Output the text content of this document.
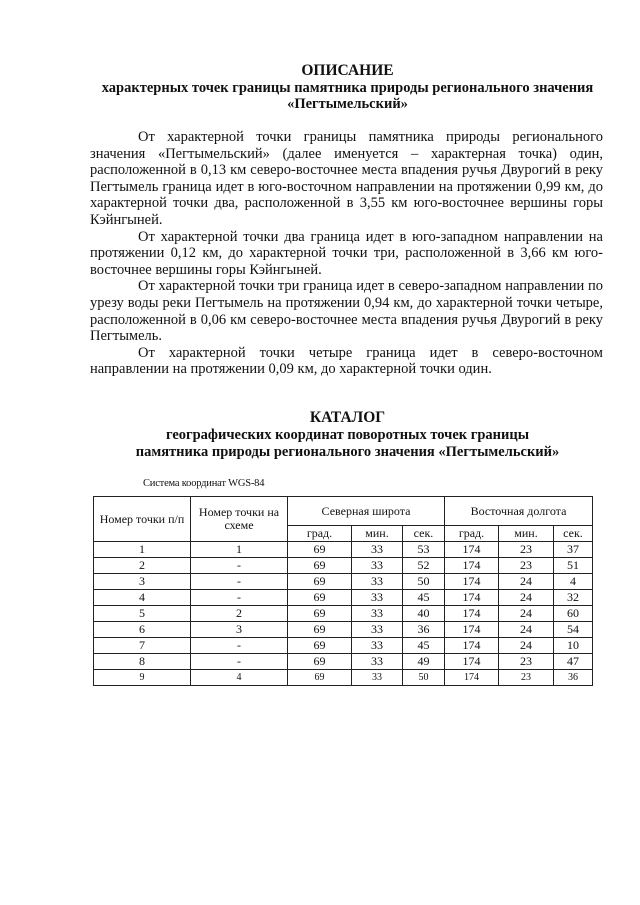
ОПИСАНИЕ
характерных точек границы памятника природы регионального значения
«Пегтымельский»

От характерной точки границы памятника природы регионального значения «Пегтымельский» (далее именуется – характерная точка) один, расположенной в 0,13 км северо-восточнее места впадения ручья Двурогий в реку Пегтымель граница идет в юго-восточном направлении на протяжении 0,99 км, до характерной точки два, расположенной в 3,55 км юго-восточнее вершины горы Кэйнгыней.

От характерной точки два граница идет в юго-западном направлении на протяжении 0,12 км, до характерной точки три, расположенной в 3,66 км юго-восточнее вершины горы Кэйнгыней.

От характерной точки три граница идет в северо-западном направлении по урезу воды реки Пегтымель на протяжении 0,94 км, до характерной точки четыре, расположенной в 0,06 км северо-восточнее места впадения ручья Двурогий в реку Пегтымель.

От характерной точки четыре граница идет в северо-восточном направлении на протяжении 0,09 км, до характерной точки один.

КАТАЛОГ
географических координат поворотных точек границы
памятника природы регионального значения «Пегтымельский»
Система координат WGS-84
Номер точки п/п	Номер точки на схеме	Северная широта			Восточная долгота		
		град.	мин.	сек.	град.	мин.	сек.
1	1	69	33	53	174	23	37
2	-	69	33	52	174	23	51
3	-	69	33	50	174	24	4
4	-	69	33	45	174	24	32
5	2	69	33	40	174	24	60
6	3	69	33	36	174	24	54
7	-	69	33	45	174	24	10
8	-	69	33	49	174	23	47
9	4	69	33	50	174	23	36
